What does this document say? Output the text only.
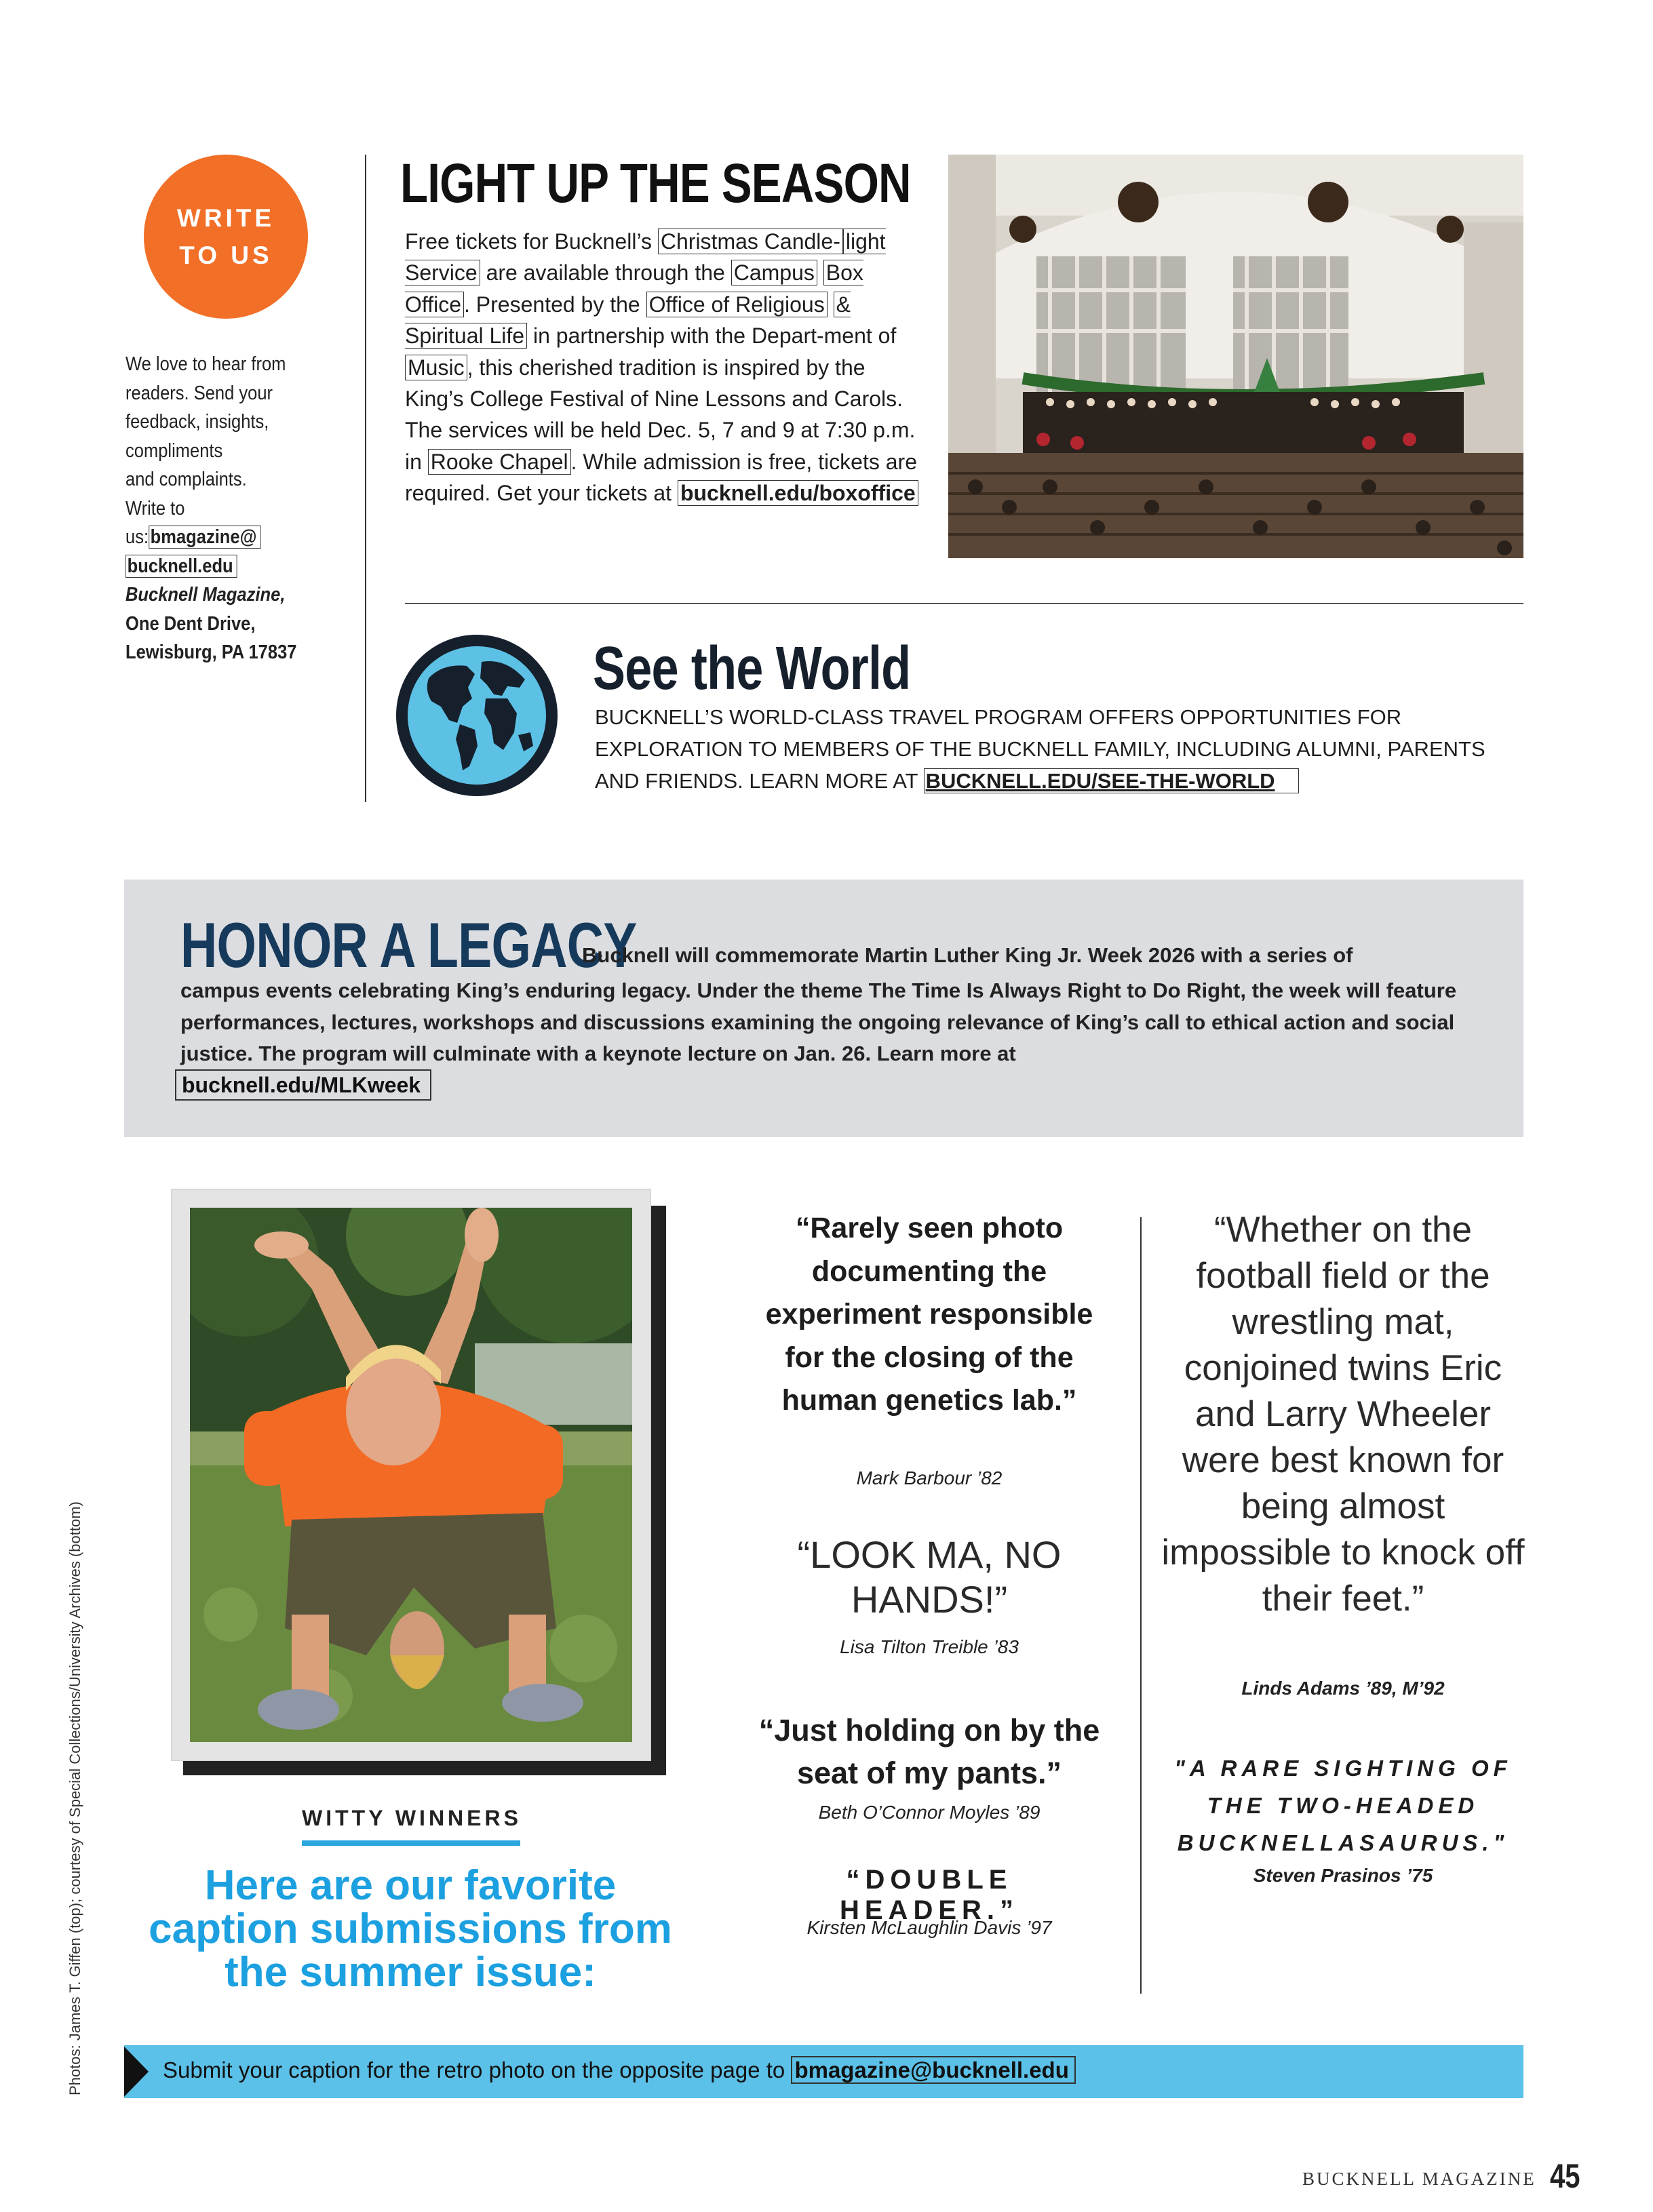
WRITE
TO US
We love to hear from
readers. Send your
feedback, insights,
compliments
and complaints.
Write to
us:bmagazine@
bucknell.edu
Bucknell Magazine,
One Dent Drive,
Lewisburg, PA 17837
LIGHT UP THE SEASON
Free tickets for Bucknell’s Christmas Candle- light Service are available through the Campus Box Office . Presented by the Office of Religious & Spiritual Life in partnership with the Depart-ment of Music , this cherished tradition is inspired by the King’s College Festival of Nine Lessons and Carols. The services will be held Dec. 5, 7 and 9 at 7:30 p.m. in Rooke Chapel . While admission is free, tickets are required. Get your tickets at bucknell.edu/boxoffice
See the World
BUCKNELL’S WORLD-CLASS TRAVEL PROGRAM OFFERS OPPORTUNITIES FOR EXPLORATION TO MEMBERS OF THE BUCKNELL FAMILY, INCLUDING ALUMNI, PARENTS AND FRIENDS. LEARN MORE AT BUCKNELL.EDU/SEE-THE-WORLD
HONOR A LEGACY
Bucknell will commemorate Martin Luther King Jr. Week 2026 with a series of
campus events celebrating King’s enduring legacy. Under the theme The Time Is Always Right to Do Right, the week will feature performances, lectures, workshops and discussions examining the ongoing relevance of King’s call to ethical action and social justice. The program will culminate with a keynote lecture on Jan. 26. Learn more at
bucknell.edu/MLKweek
WITTY WINNERS
Here are our favorite caption submissions from the summer issue:
Photos: James T. Giffen (top); courtesy of Special Collections/University Archives (bottom)
“Rarely seen photo documenting the experiment responsible for the closing of the human genetics lab.”
Mark Barbour ’82
“LOOK MA, NO HANDS!”
Lisa Tilton Treible ’83
“Just holding on by the seat of my pants.”
Beth O’Connor Moyles ’89
“DOUBLE HEADER.”
Kirsten McLaughlin Davis ’97
“Whether on the football field or the wrestling mat, conjoined twins Eric and Larry Wheeler were best known for being almost impossible to knock off their feet.”
Linds Adams ’89, M’92
"A RARE SIGHTING OF THE TWO-HEADED BUCKNELLASAURUS."
Steven Prasinos ’75
Submit your caption for the retro photo on the opposite page to bmagazine@bucknell.edu
BUCKNELL MAGAZINE 45
